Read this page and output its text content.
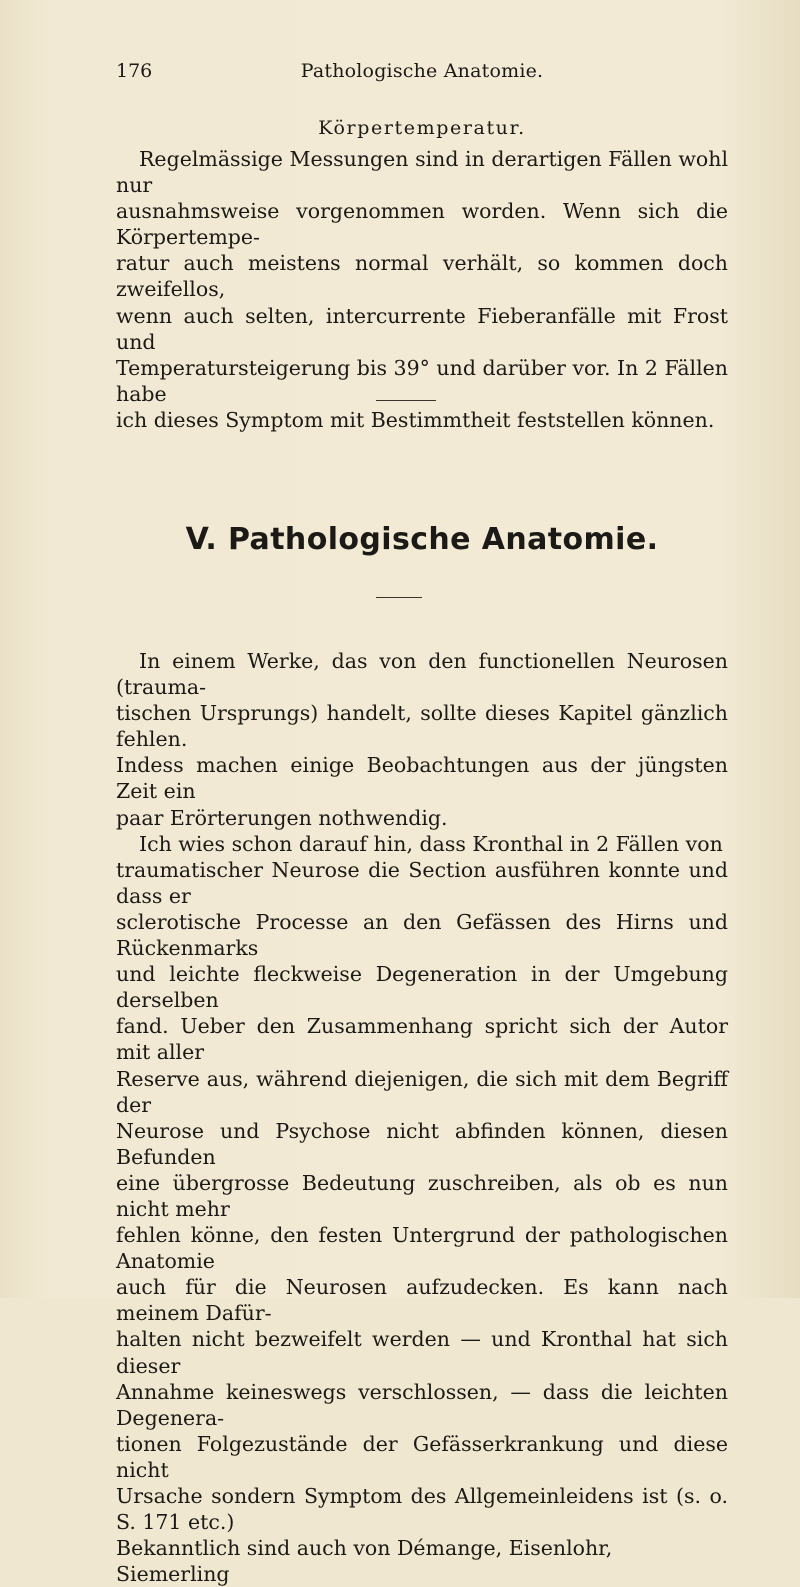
176	Pathologische Anatomie.
Körpertemperatur.

Regelmässige Messungen sind in derartigen Fällen wohl nur

ausnahmsweise vorgenommen worden. Wenn sich die Körpertempe-

ratur auch meistens normal verhält, so kommen doch zweifellos,

wenn auch selten, intercurrente Fieberanfälle mit Frost und

Temperatursteigerung bis 39° und darüber vor. In 2 Fällen habe

ich dieses Symptom mit Bestimmtheit feststellen können.

V. Pathologische Anatomie.

In einem Werke, das von den functionellen Neurosen (trauma-

tischen Ursprungs) handelt, sollte dieses Kapitel gänzlich fehlen.

Indess machen einige Beobachtungen aus der jüngsten Zeit ein

paar Erörterungen nothwendig.

Ich wies schon darauf hin, dass Kronthal in 2 Fällen von

traumatischer Neurose die Section ausführen konnte und dass er

sclerotische Processe an den Gefässen des Hirns und Rückenmarks

und leichte fleckweise Degeneration in der Umgebung derselben

fand. Ueber den Zusammenhang spricht sich der Autor mit aller

Reserve aus, während diejenigen, die sich mit dem Begriff der

Neurose und Psychose nicht abfinden können, diesen Befunden

eine übergrosse Bedeutung zuschreiben, als ob es nun nicht mehr

fehlen könne, den festen Untergrund der pathologischen Anatomie

auch für die Neurosen aufzudecken. Es kann nach meinem Dafür-

halten nicht bezweifelt werden — und Kronthal hat sich dieser

Annahme keineswegs verschlossen, — dass die leichten Degenera-

tionen Folgezustände der Gefässerkrankung und diese nicht

Ursache sondern Symptom des Allgemeinleidens ist (s. o. S. 171 etc.)

Bekanntlich sind auch von Démange, Eisenlohr, Siemerling
